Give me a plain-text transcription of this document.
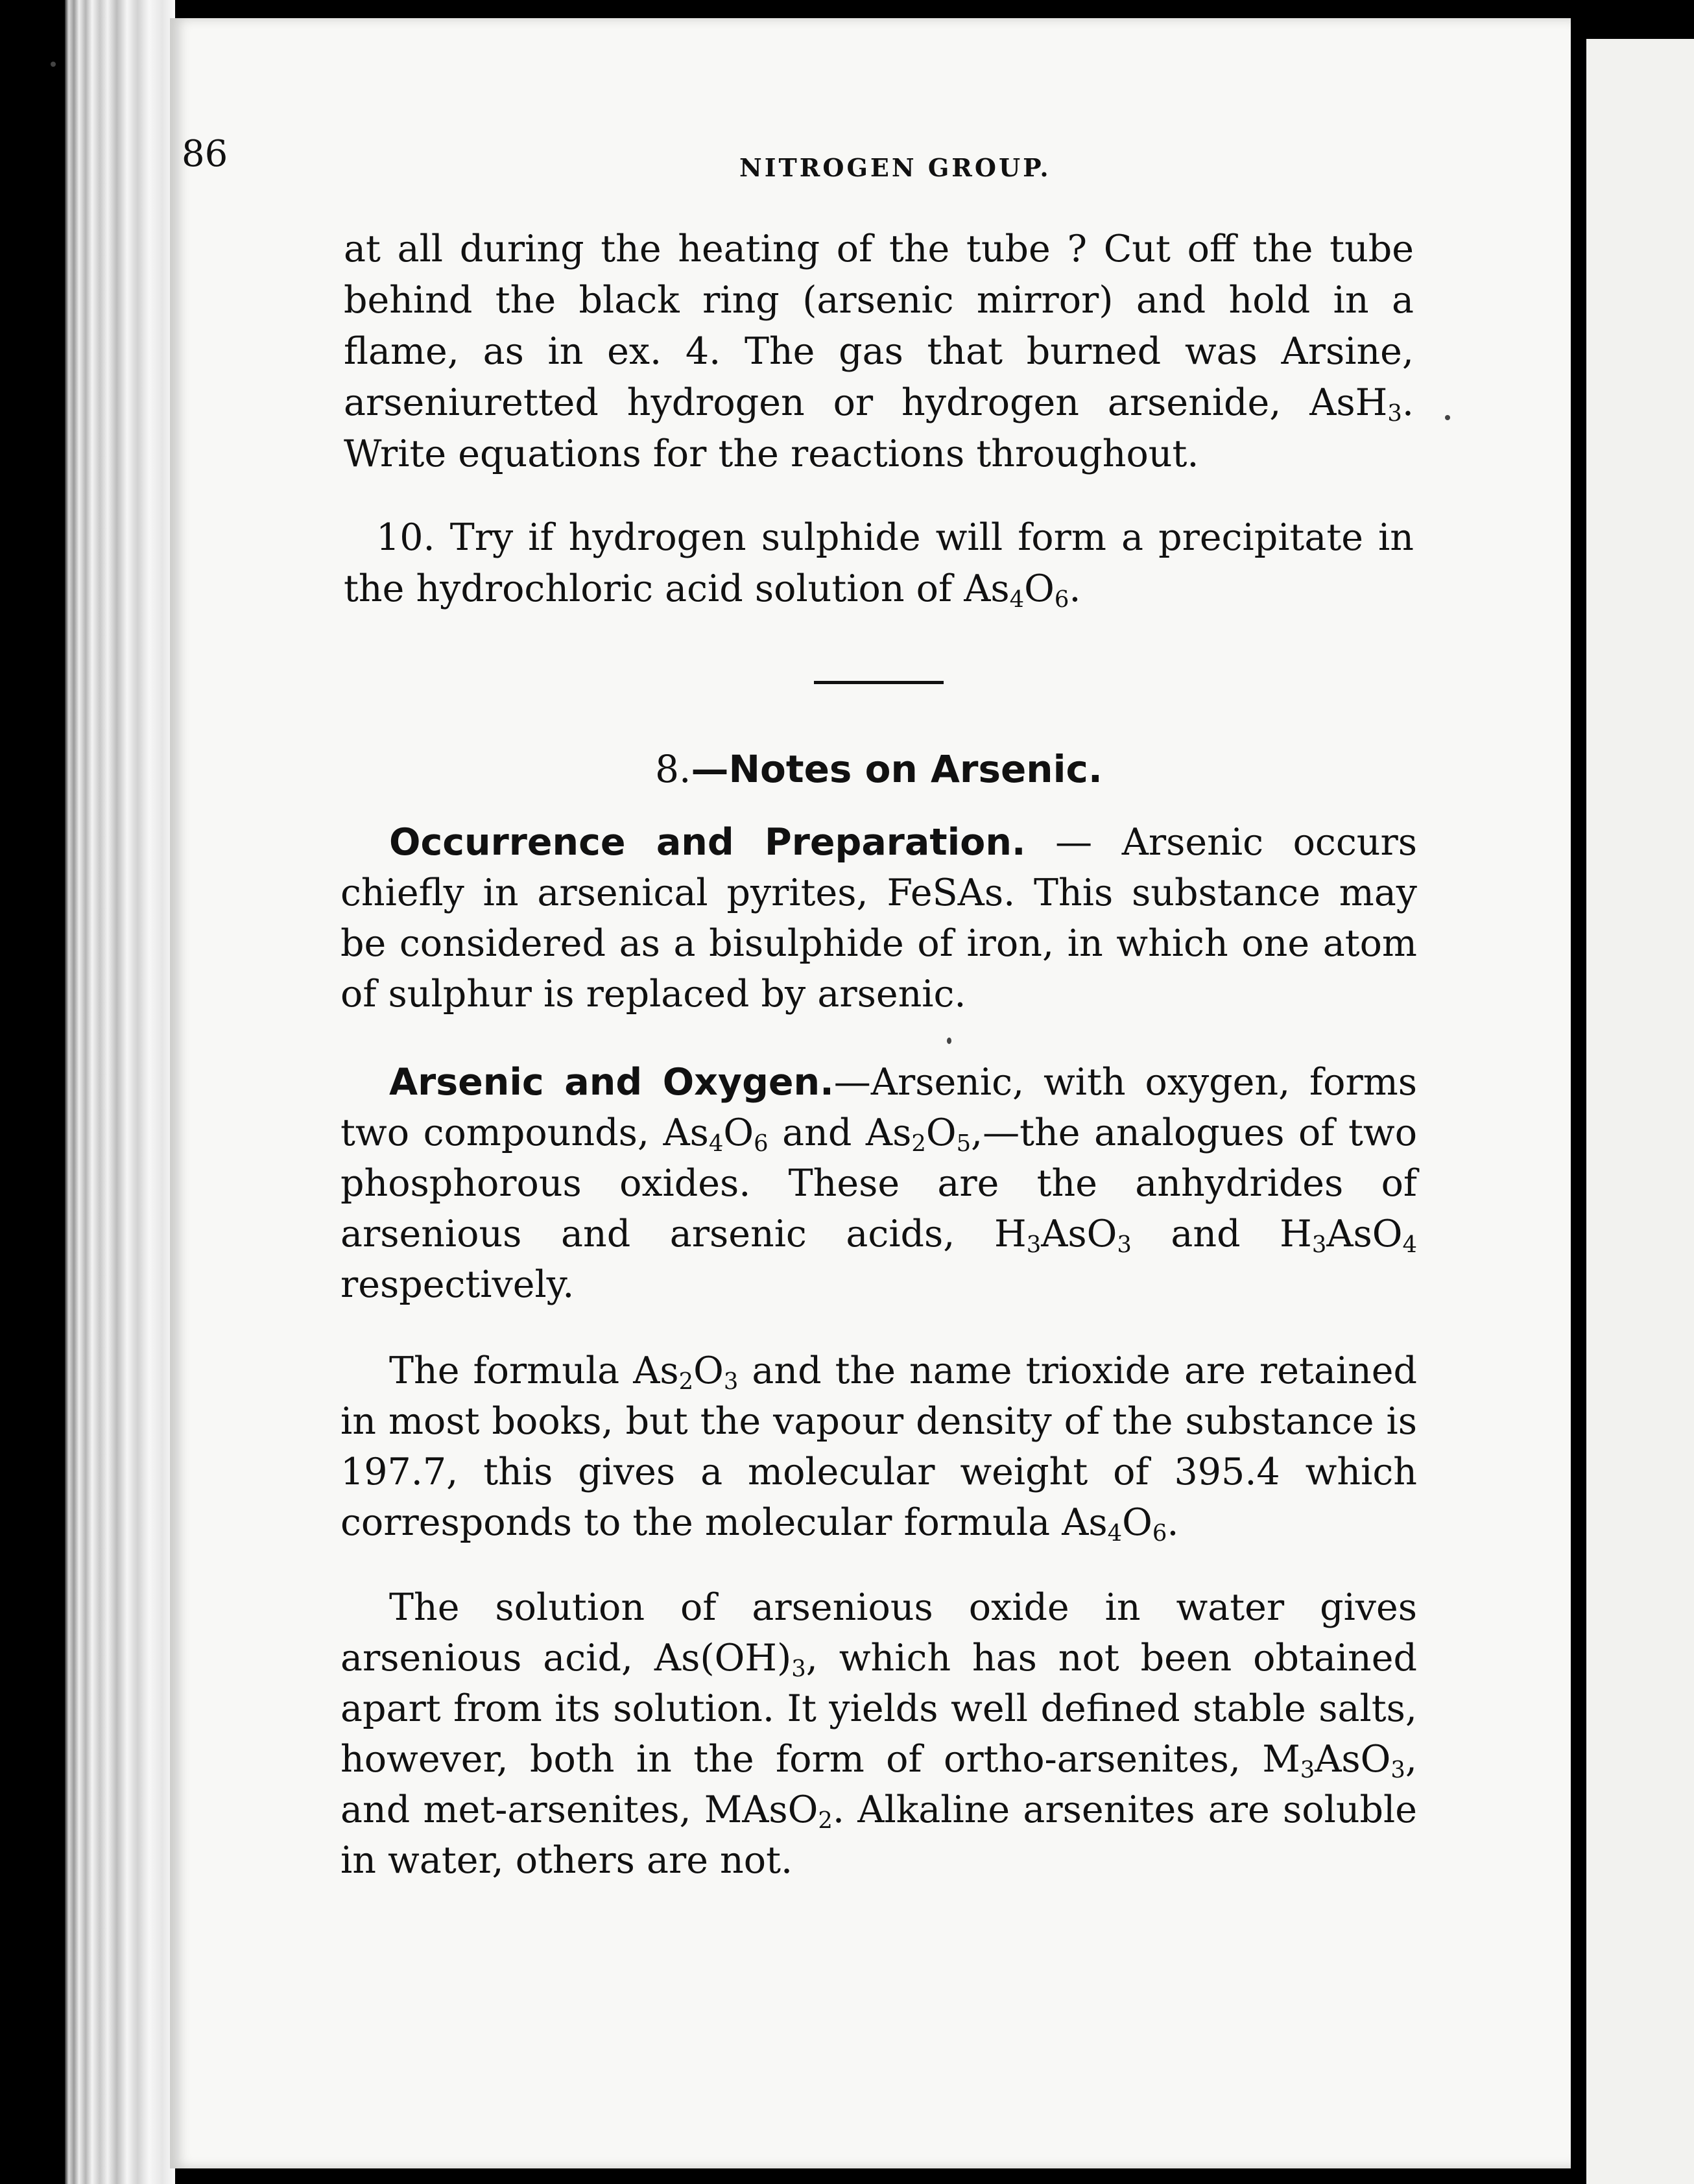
86	NITROGEN GROUP.

at all during the heating of the tube ? Cut off the tube behind the black ring (arsenic mirror) and hold in a flame, as in ex. 4. The gas that burned was Arsine, arseniuretted hydrogen or hydrogen arsenide, AsH$_3$. Write equations for the reactions throughout.

10. Try if hydrogen sulphide will form a precipitate in the hydrochloric acid solution of $As_4O_6$.

8.—Notes on Arsenic.

Occurrence and Preparation. — Arsenic occurs chiefly in arsenical pyrites, FeSAs. This substance may be considered as a bisulphide of iron, in which one atom of sulphur is replaced by arsenic.

Arsenic and Oxygen.—Arsenic, with oxygen, forms two compounds, $As_4O_6$ and $As_2O_5,—the$ analogues of two phosphorous oxides. These are the anhydrides of arsenious and arsenic acids, $H_3AsO_3$ and $H_3AsO_4$ respectively.

The formula $As_2O_3$ and the name trioxide are retained in most books, but the vapour density of the substance is 197.7, this gives a molecular weight of 395.4 which corresponds to the molecular formula $As_4O_6$.

The solution of arsenious oxide in water gives arsenious acid, $As(OH)_3$, which has not been obtained apart from its solution. It yields well defined stable salts, however, both in the form of ortho-arsenites, $M_3AsO_3$, and met-arsenites, MAsO$_2$. Alkaline arsenites are soluble in water, others are not.
